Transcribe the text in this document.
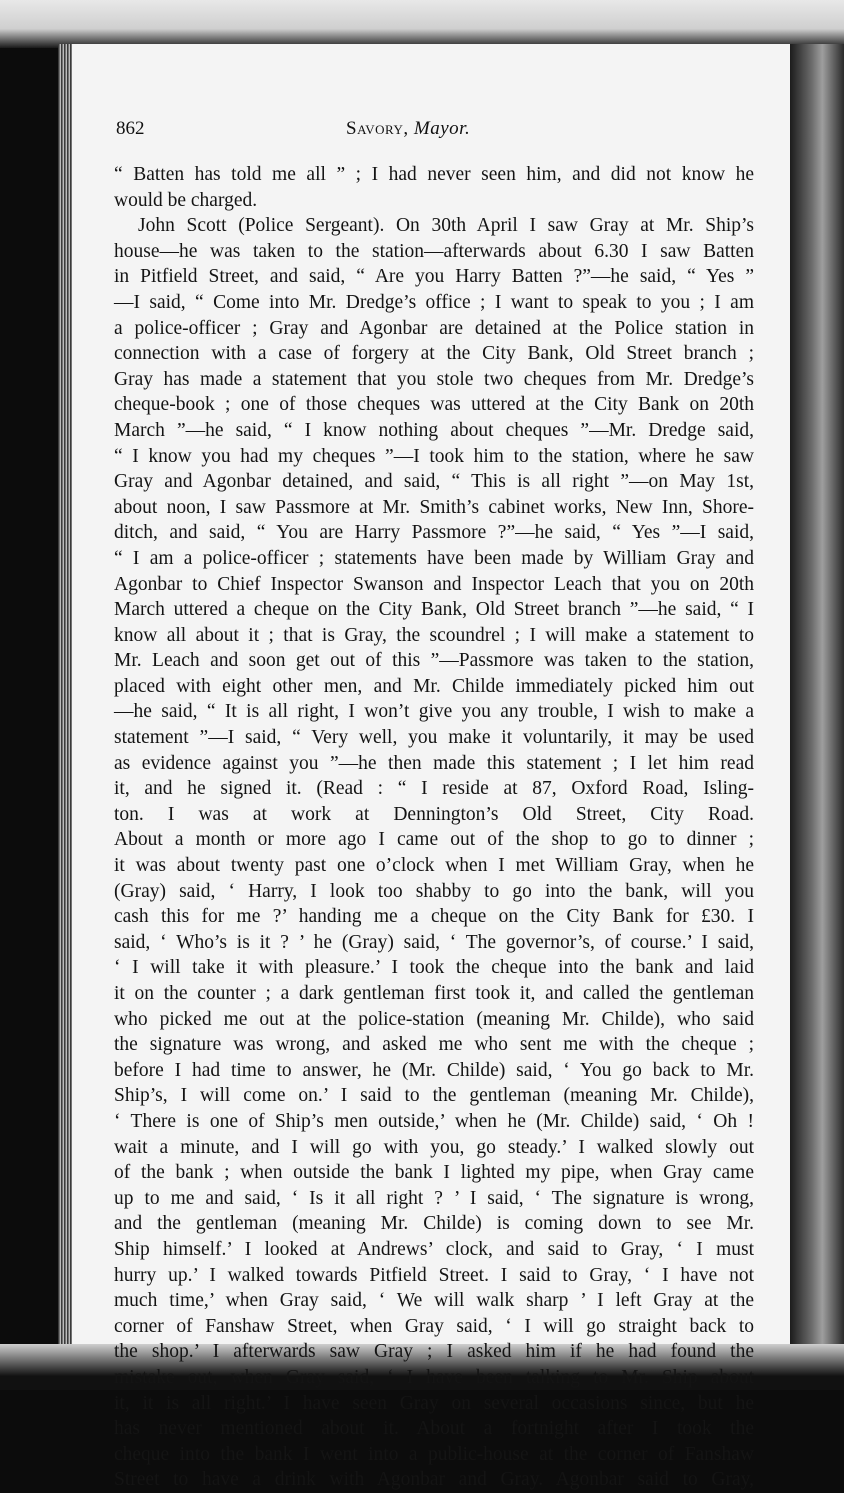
862	Savory, Mayor.
“ Batten has told me all ” ; I had never seen him, and did not know he
would be charged.
John Scott (Police Sergeant). On 30th April I saw Gray at Mr. Ship’s
house—he was taken to the station—afterwards about 6.30 I saw Batten
in Pitfield Street, and said, “ Are you Harry Batten ?”—he said, “ Yes ”
—I said, “ Come into Mr. Dredge’s office ; I want to speak to you ; I am
a police-officer ; Gray and Agonbar are detained at the Police station in
connection with a case of forgery at the City Bank, Old Street branch ;
Gray has made a statement that you stole two cheques from Mr. Dredge’s
cheque-book ; one of those cheques was uttered at the City Bank on 20th
March ”—he said, “ I know nothing about cheques ”—Mr. Dredge said,
“ I know you had my cheques ”—I took him to the station, where he saw
Gray and Agonbar detained, and said, “ This is all right ”—on May 1st,
about noon, I saw Passmore at Mr. Smith’s cabinet works, New Inn, Shore-
ditch, and said, “ You are Harry Passmore ?”—he said, “ Yes ”—I said,
“ I am a police-officer ; statements have been made by William Gray and
Agonbar to Chief Inspector Swanson and Inspector Leach that you on 20th
March uttered a cheque on the City Bank, Old Street branch ”—he said, “ I
know all about it ; that is Gray, the scoundrel ; I will make a statement to
Mr. Leach and soon get out of this ”—Passmore was taken to the station,
placed with eight other men, and Mr. Childe immediately picked him out
—he said, “ It is all right, I won’t give you any trouble, I wish to make a
statement ”—I said, “ Very well, you make it voluntarily, it may be used
as evidence against you ”—he then made this statement ; I let him read
it, and he signed it. (Read : “ I reside at 87, Oxford Road, Isling-
ton. I was at work at Dennington’s Old Street, City Road.
About a month or more ago I came out of the shop to go to dinner ;
it was about twenty past one o’clock when I met William Gray, when he
(Gray) said, ‘ Harry, I look too shabby to go into the bank, will you
cash this for me ?’ handing me a cheque on the City Bank for £30. I
said, ‘ Who’s is it ? ’ he (Gray) said, ‘ The governor’s, of course.’ I said,
‘ I will take it with pleasure.’ I took the cheque into the bank and laid
it on the counter ; a dark gentleman first took it, and called the gentleman
who picked me out at the police-station (meaning Mr. Childe), who said
the signature was wrong, and asked me who sent me with the cheque ;
before I had time to answer, he (Mr. Childe) said, ‘ You go back to Mr.
Ship’s, I will come on.’ I said to the gentleman (meaning Mr. Childe),
‘ There is one of Ship’s men outside,’ when he (Mr. Childe) said, ‘ Oh !
wait a minute, and I will go with you, go steady.’ I walked slowly out
of the bank ; when outside the bank I lighted my pipe, when Gray came
up to me and said, ‘ Is it all right ? ’ I said, ‘ The signature is wrong,
and the gentleman (meaning Mr. Childe) is coming down to see Mr.
Ship himself.’ I looked at Andrews’ clock, and said to Gray, ‘ I must
hurry up.’ I walked towards Pitfield Street. I said to Gray, ‘ I have not
much time,’ when Gray said, ‘ We will walk sharp ’ I left Gray at the
corner of Fanshaw Street, when Gray said, ‘ I will go straight back to
the shop.’ I afterwards saw Gray ; I asked him if he had found the
mistake out, when Gray said, ‘ I have been talking to Mr. Ship about
it, it is all right.’ I have seen Gray on several occasions since, but he
has never mentioned about it. About a fortnight after I took the
cheque into the bank I went into a public-house at the corner of Fanshaw
Street to have a drink with Agonbar and Gray. Agonbar said to Gray,
